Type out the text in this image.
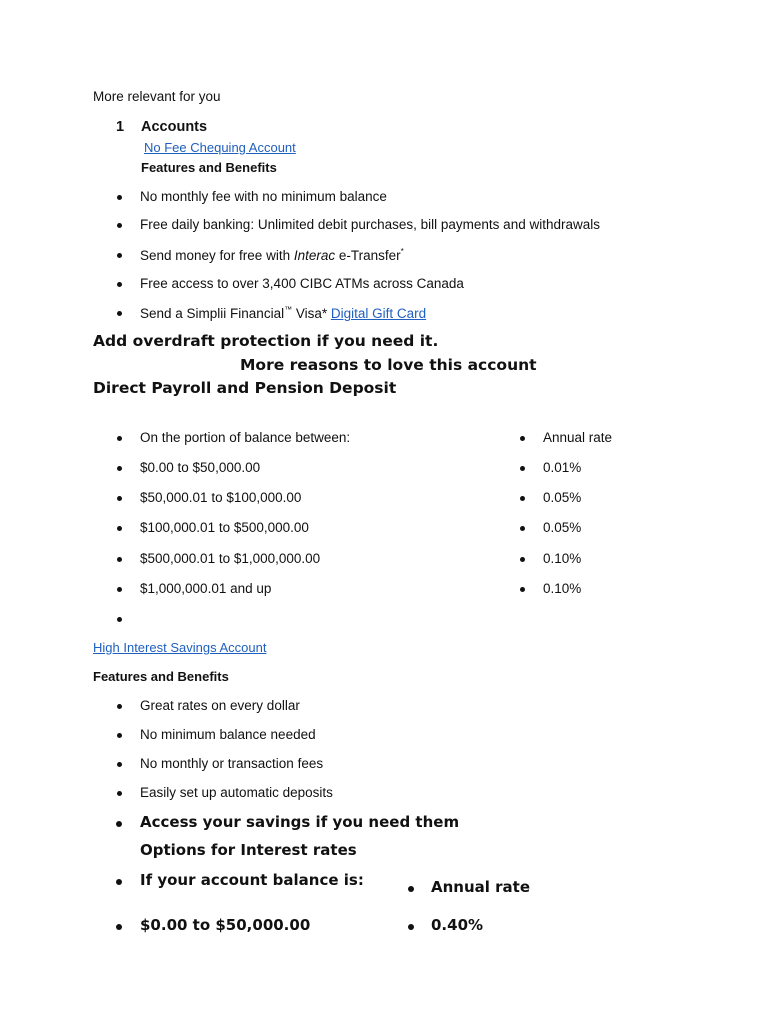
More relevant for you
1 Accounts
No Fee Chequing Account
Features and Benefits
No monthly fee with no minimum balance
Free daily banking: Unlimited debit purchases, bill payments and withdrawals
Send money for free with Interac e-Transfer*
Free access to over 3,400 CIBC ATMs across Canada
Send a Simplii Financial™ Visa* Digital Gift Card
Add overdraft protection if you need it.
More reasons to love this account
Direct Payroll and Pension Deposit
On the portion of balance between:	Annual rate
$0.00 to $50,000.00	0.01%
$50,000.01 to $100,000.00	0.05%
$100,000.01 to $500,000.00	0.05%
$500,000.01 to $1,000,000.00	0.10%
$1,000,000.01 and up	0.10%
High Interest Savings Account
Features and Benefits
Great rates on every dollar
No minimum balance needed
No monthly or transaction fees
Easily set up automatic deposits
Access your savings if you need them
Options for Interest rates
If your account balance is:	Annual rate
$0.00 to $50,000.00	0.40%
